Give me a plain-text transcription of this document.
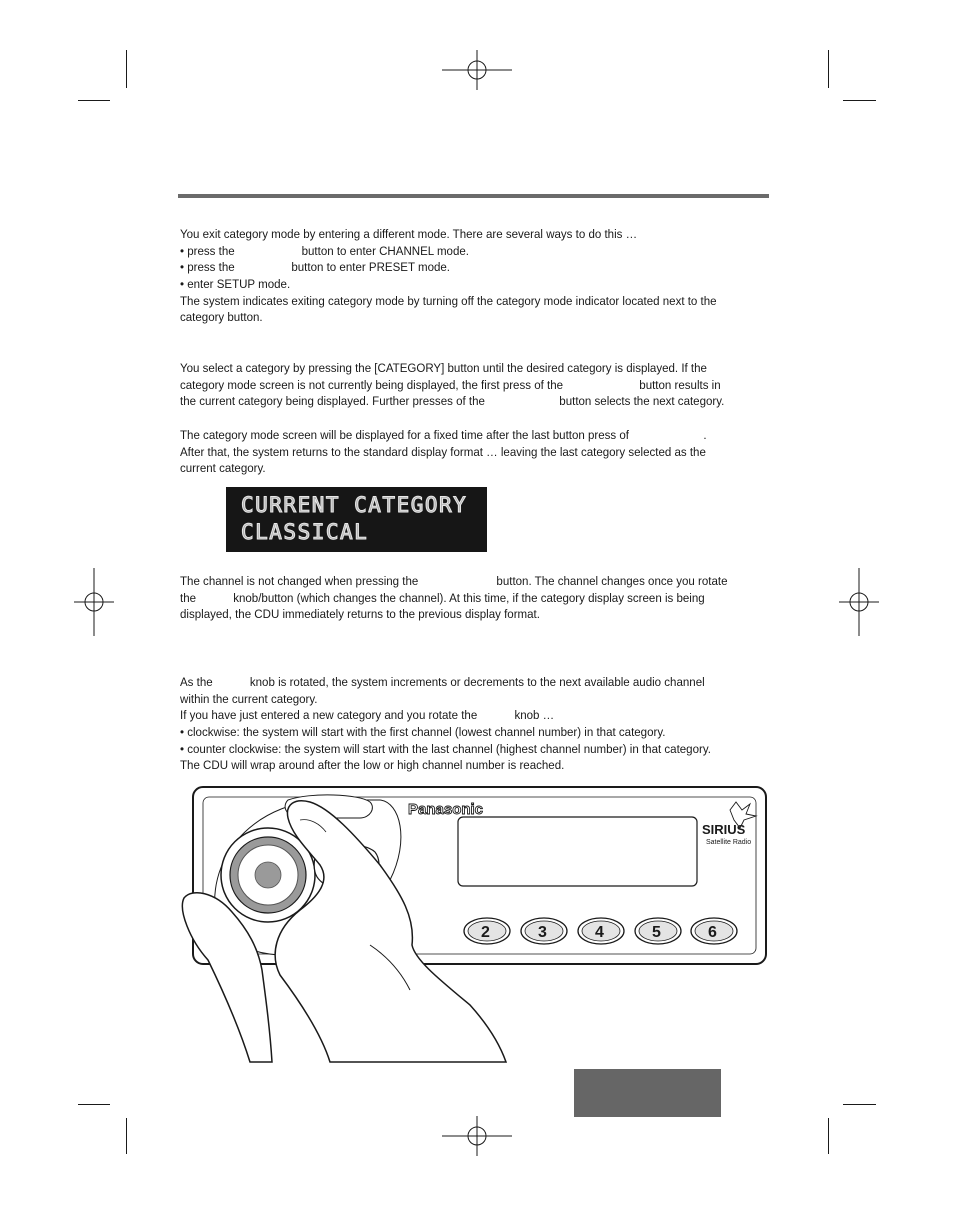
You exit category mode by entering a different mode. There are several ways to do this …
• press the	button to enter CHANNEL mode.
• press the	button to enter PRESET mode.
• enter SETUP mode.
The system indicates exiting category mode by turning off the category mode indicator located next to the
category button.
You select a category by pressing the [CATEGORY] button until the desired category is displayed. If the
category mode screen is not currently being displayed, the first press of the	button results in
the current category being displayed. Further presses of the	button selects the next category.
The category mode screen will be displayed for a fixed time after the last button press of	.
After that, the system returns to the standard display format … leaving the last category selected as the
current category.
CURRENT CATEGORY
CLASSICAL
The channel is not changed when pressing the	button. The channel changes once you rotate
the	knob/button (which changes the channel). At this time, if the category display screen is being
displayed, the CDU immediately returns to the previous display format.
As the	knob is rotated, the system increments or decrements to the next available audio channel
within the current category.
If you have just entered a new category and you rotate the	knob …
• clockwise: the system will start with the first channel (lowest channel number) in that category.
• counter clockwise: the system will start with the last channel (highest channel number) in that category.
The CDU will wrap around after the low or high channel number is reached.
Panasonic
SIRIUS
Satellite Radio
2	3	4	5	6
